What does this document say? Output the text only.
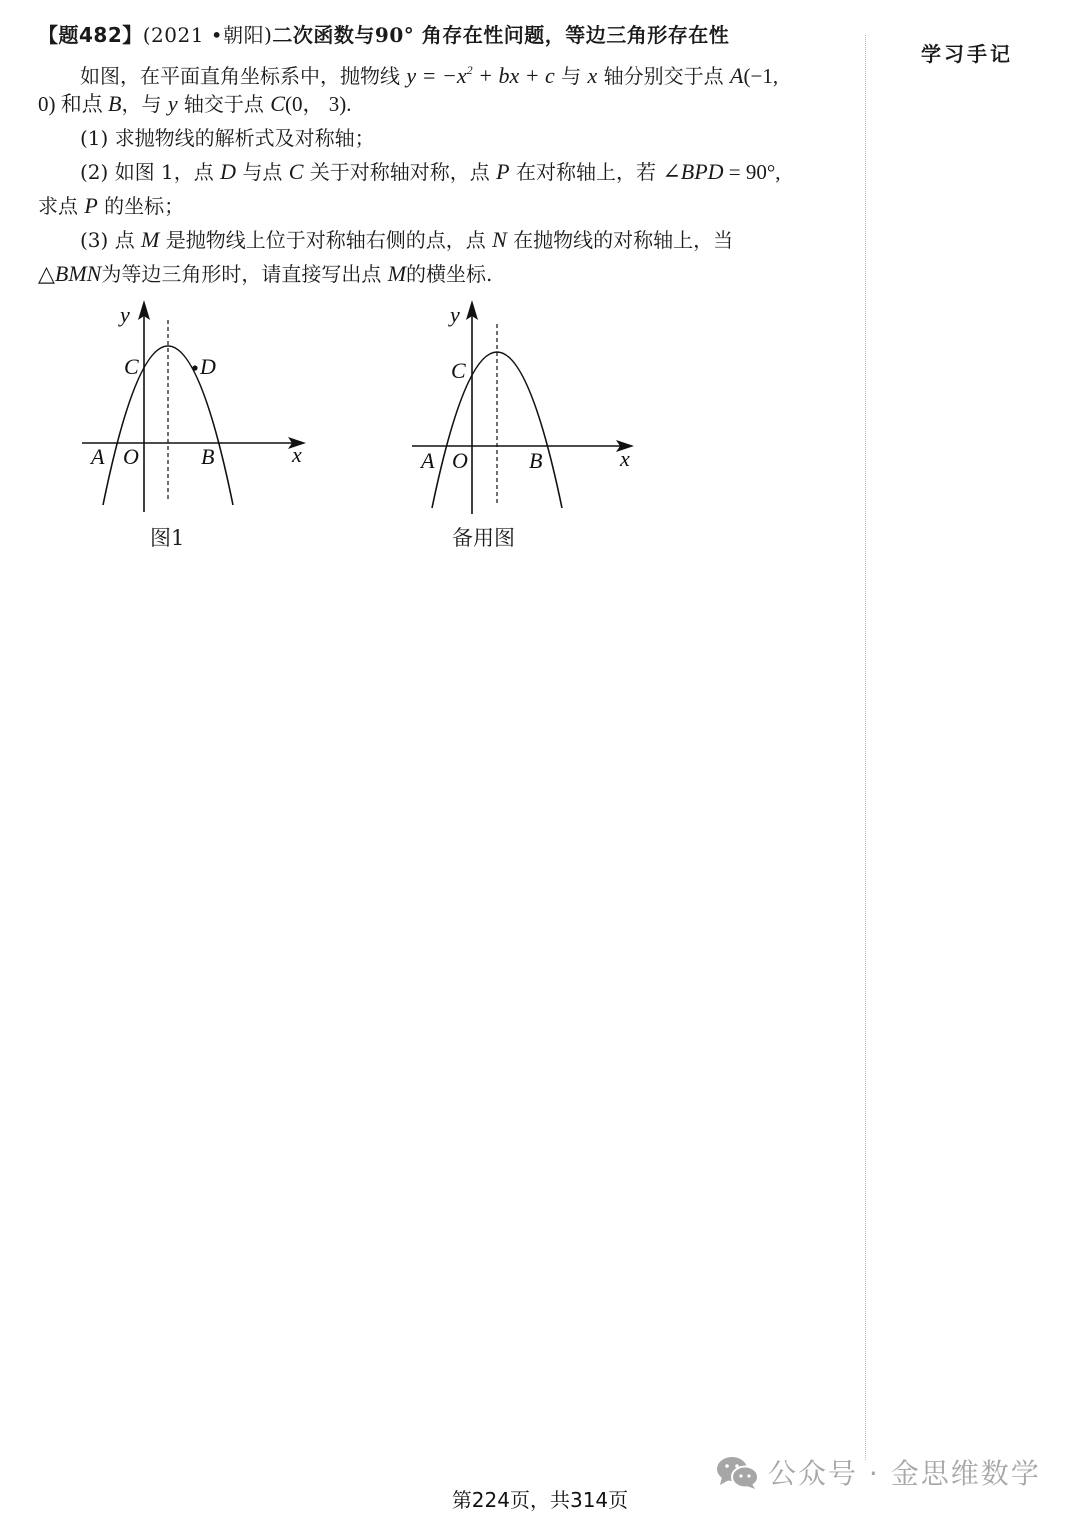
学习手记
【题482】(2021 •朝阳)二次函数与90° 角存在性问题，等边三角形存在性
如图，在平面直角坐标系中，抛物线 $y = -x^2$ + bx + c 与 x 轴分别交于点 A(−1,
0) 和点 B，与 y 轴交于点 C(0， 3).
(1) 求抛物线的解析式及对称轴；
(2) 如图 1，点 D 与点 C 关于对称轴对称，点 P 在对称轴上，若 ∠BPD = 90°,
求点 P 的坐标；
(3) 点 M 是抛物线上位于对称轴右侧的点，点 N 在抛物线的对称轴上，当
△BMN为等边三角形时，请直接写出点 M的横坐标.
C	D
y
x
A O	B
图1
C
y
x
A O	B
备用图
公众号 · 金思维数学
第224页，共314页
